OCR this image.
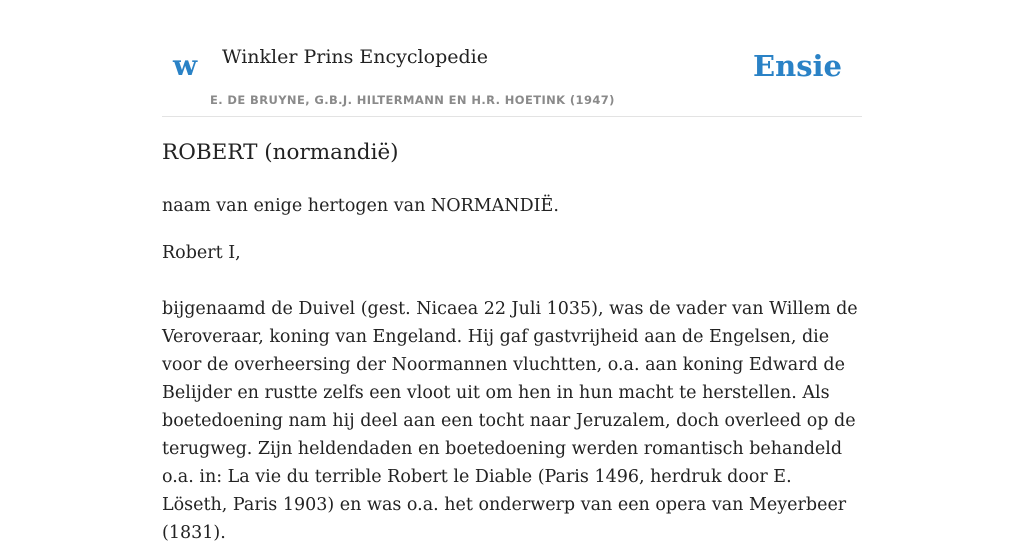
w Winkler Prins Encyclopedie
E. DE BRUYNE, G.B.J. HILTERMANN EN H.R. HOETINK (1947)
Ensie
ROBERT (normandië)

naam van enige hertogen van NORMANDIË.

Robert I,

bijgenaamd de Duivel (gest. Nicaea 22 Juli 1035), was de vader van Willem de Veroveraar, koning van Engeland. Hij gaf gastvrijheid aan de Engelsen, die voor de overheersing der Noormannen vluchtten, o.a. aan koning Edward de Belijder en rustte zelfs een vloot uit om hen in hun macht te herstellen. Als boetedoening nam hij deel aan een tocht naar Jeruzalem, doch overleed op de terugweg. Zijn heldendaden en boetedoening werden romantisch behandeld o.a. in: La vie du terrible Robert le Diable (Paris 1496, herdruk door E. Löseth, Paris 1903) en was o.a. het onderwerp van een opera van Meyerbeer (1831).
